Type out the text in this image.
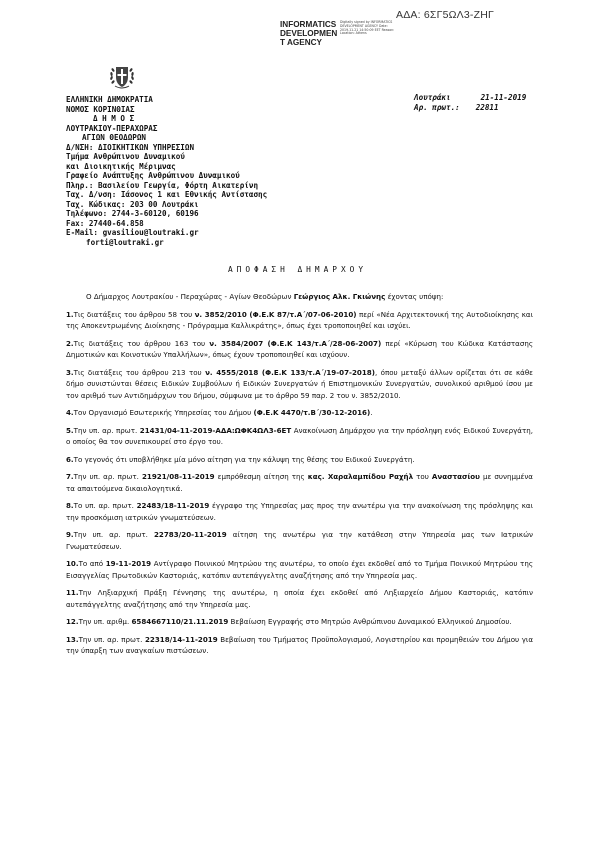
ΑΔΑ: 6ΣΓ5ΩΛ3-ΖΗΓ
INFORMATICS
DEVELOPMEN
T AGENCY
Digitally signed by INFORMATICS DEVELOPMENT AGENCY Date: 2019.11.21 14:50:09 EET Reason: Location: Athens
ΕΛΛΗΝΙΚΗ ΔΗΜΟΚΡΑΤΙΑ
ΝΟΜΟΣ ΚΟΡΙΝΘΙΑΣ
Δ Η Μ Ο Σ
ΛΟΥΤΡΑΚΙΟΥ-ΠΕΡΑΧΩΡΑΣ
ΑΓΙΩΝ ΘΕΟΔΩΡΩΝ
Δ/ΝΣΗ: ΔΙΟΙΚΗΤΙΚΩΝ ΥΠΗΡΕΣΙΩΝ
Τμήμα Ανθρώπινου Δυναμικού
και Διοικητικής Μέριμνας
Γραφείο Ανάπτυξης Ανθρώπινου Δυναμικού
Πληρ.: Βασιλείου Γεωργία, Φόρτη Αικατερίνη
Ταχ. Δ/νση: Ιάσονος 1 και Εθνικής Αντίστασης
Ταχ. Κώδικας: 203 00 Λουτράκι
Τηλέφωνο: 2744-3-60120, 60196
Fax: 27440-64.858
E-Mail: gvasiliou@loutraki.gr
forti@loutraki.gr
Λουτράκι	21-11-2019
Αρ. πρωτ.: 22811
ΑΠΟΦΑΣΗ ΔΗΜΑΡΧΟΥ

Ο Δήμαρχος Λουτρακίου - Περαχώρας - Αγίων Θεοδώρων Γεώργιος Αλκ. Γκιώνης έχοντας υπόψη:

1.Τις διατάξεις του άρθρου 58 του ν. 3852/2010 (Φ.Ε.Κ 87/τ.Α΄/07-06-2010) περί «Νέα Αρχιτεκτονική της Αυτοδιοίκησης και της Αποκεντρωμένης Διοίκησης - Πρόγραμμα Καλλικράτης», όπως έχει τροποποιηθεί και ισχύει.

2.Τις διατάξεις του άρθρου 163 του ν. 3584/2007 (Φ.Ε.Κ 143/τ.Α΄/28-06-2007) περί «Κύρωση του Κώδικα Κατάστασης Δημοτικών και Κοινοτικών Υπαλλήλων», όπως έχουν τροποποιηθεί και ισχύουν.

3.Τις διατάξεις του άρθρου 213 του ν. 4555/2018 (Φ.Ε.Κ 133/τ.Α΄/19-07-2018), όπου μεταξύ άλλων ορίζεται ότι σε κάθε δήμο συνιστώνται θέσεις Ειδικών Συμβούλων ή Ειδικών Συνεργατών ή Επιστημονικών Συνεργατών, συνολικού αριθμού ίσου με τον αριθμό των Αντιδημάρχων του δήμου, σύμφωνα με το άρθρο 59 παρ. 2 του ν. 3852/2010.

4.Τον Οργανισμό Εσωτερικής Υπηρεσίας του Δήμου (Φ.Ε.Κ 4470/τ.Β΄/30-12-2016).

5.Την υπ. αρ. πρωτ. 21431/04-11-2019-ΑΔΑ:ΩΦΚ4ΩΛ3-6ΕΤ Ανακοίνωση Δημάρχου για την πρόσληψη ενός Ειδικού Συνεργάτη, ο οποίος θα τον συνεπικουρεί στο έργο του.

6.Το γεγονός ότι υποβλήθηκε μία μόνο αίτηση για την κάλυψη της θέσης του Ειδικού Συνεργάτη.

7.Την υπ. αρ. πρωτ. 21921/08-11-2019 εμπρόθεσμη αίτηση της κας. Χαραλαμπίδου Ραχήλ του Αναστασίου με συνημμένα τα απαιτούμενα δικαιολογητικά.

8.Το υπ. αρ. πρωτ. 22483/18-11-2019 έγγραφο της Υπηρεσίας μας προς την ανωτέρω για την ανακοίνωση της πρόσληψης και την προσκόμιση ιατρικών γνωματεύσεων.

9.Την υπ. αρ. πρωτ. 22783/20-11-2019 αίτηση της ανωτέρω για την κατάθεση στην Υπηρεσία μας των Ιατρικών Γνωματεύσεων.

10.Το από 19-11-2019 Αντίγραφο Ποινικού Μητρώου της ανωτέρω, το οποίο έχει εκδοθεί από το Τμήμα Ποινικού Μητρώου της Εισαγγελίας Πρωτοδικών Καστοριάς, κατόπιν αυτεπάγγελτης αναζήτησης από την Υπηρεσία μας.

11.Την Ληξιαρχική Πράξη Γέννησης της ανωτέρω, η οποία έχει εκδοθεί από Ληξιαρχείο Δήμου Καστοριάς, κατόπιν αυτεπάγγελτης αναζήτησης από την Υπηρεσία μας.

12.Την υπ. αριθμ. 6584667110/21.11.2019 Βεβαίωση Εγγραφής στο Μητρώο Ανθρώπινου Δυναμικού Ελληνικού Δημοσίου.

13.Την υπ. αρ. πρωτ. 22318/14-11-2019 Βεβαίωση του Τμήματος Προϋπολογισμού, Λογιστηρίου και προμηθειών του Δήμου για την ύπαρξη των αναγκαίων πιστώσεων.
